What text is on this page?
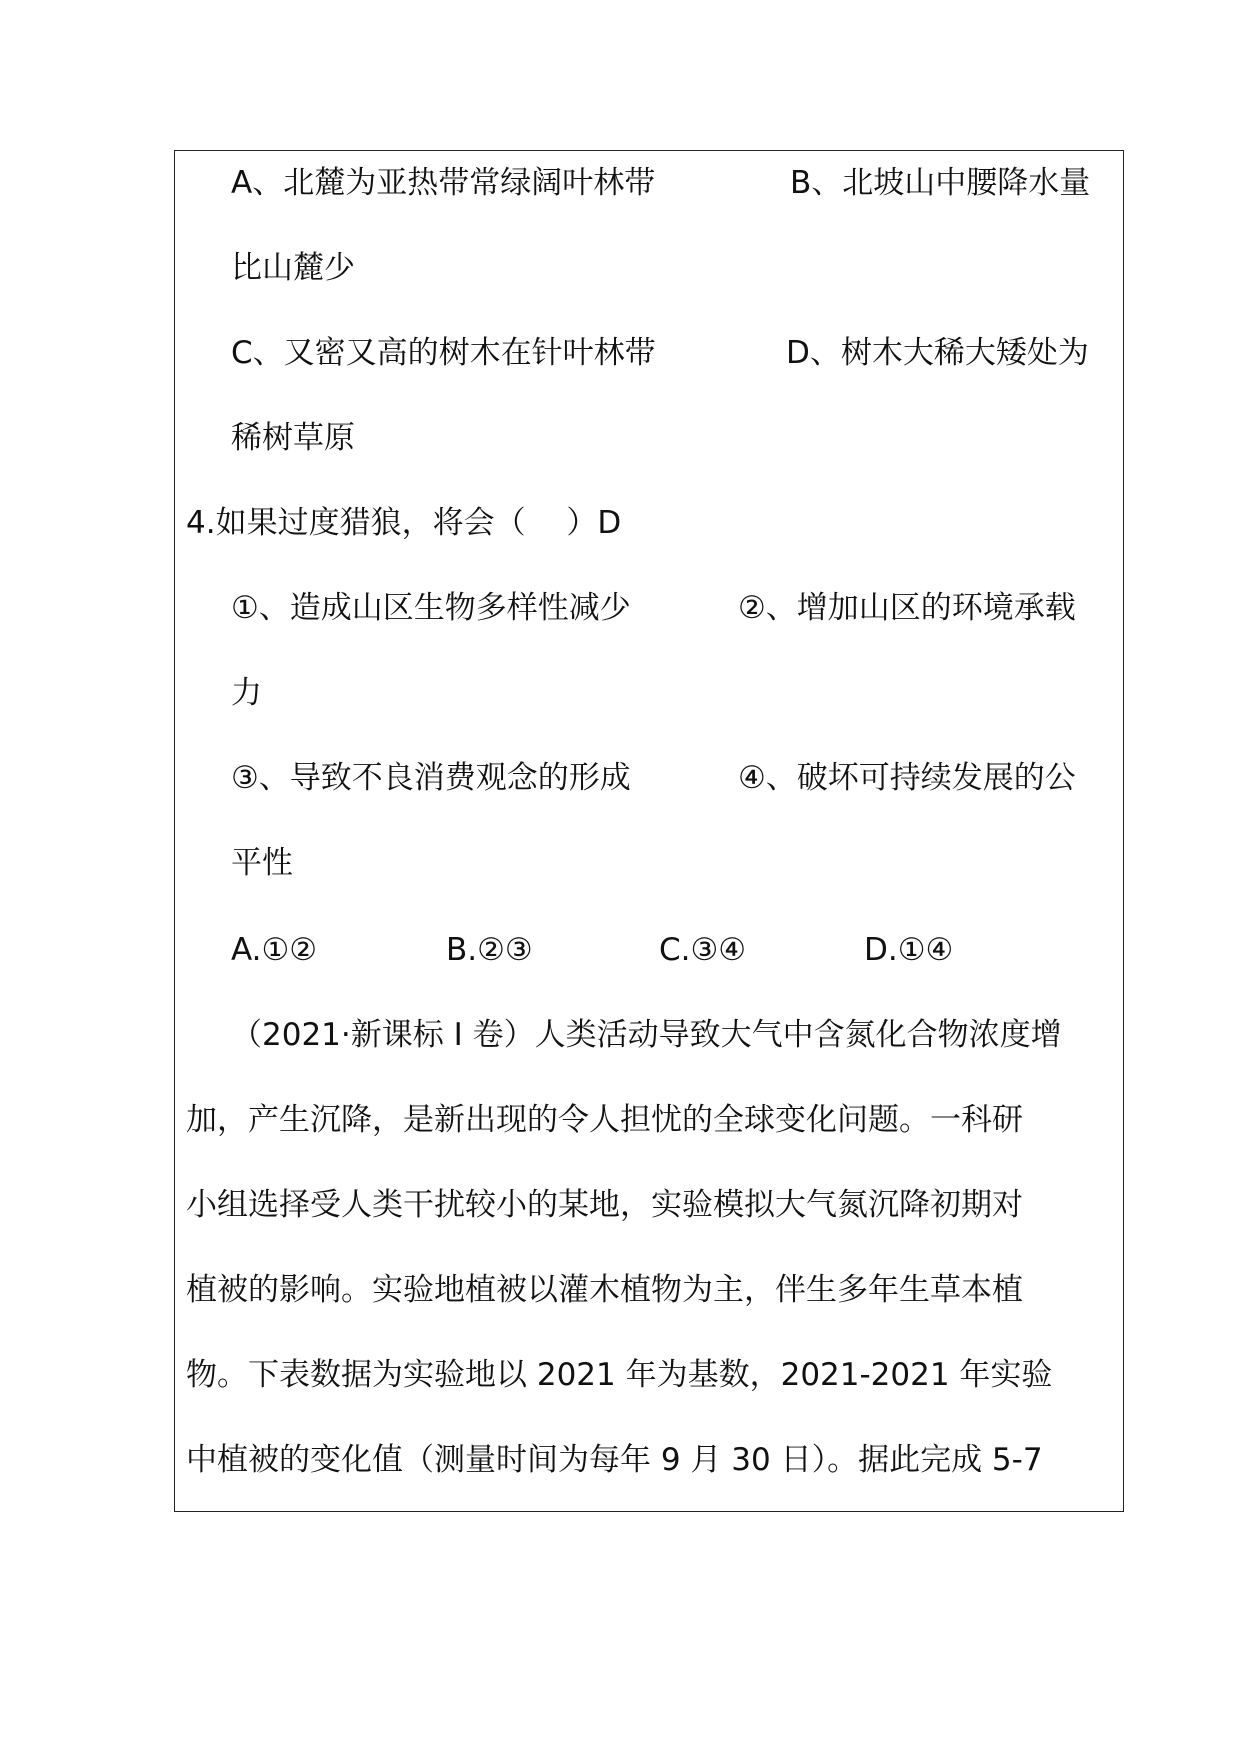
A、北麓为亚热带常绿阔叶林带	B、北坡山中腰降水量
比山麓少
C、又密又高的树木在针叶林带	D、树木大稀大矮处为
稀树草原
4.如果过度猎狼，将会（　 ）D
①、造成山区生物多样性减少	②、增加山区的环境承载
力
③、导致不良消费观念的形成	④、破坏可持续发展的公
平性
A.①②	B.②③	C.③④	D.①④
（2021·新课标 I 卷）人类活动导致大气中含氮化合物浓度增
加，产生沉降，是新出现的令人担忧的全球变化问题。一科研
小组选择受人类干扰较小的某地，实验模拟大气氮沉降初期对
植被的影响。实验地植被以灌木植物为主，伴生多年生草本植
物。下表数据为实验地以 2021 年为基数，2021-2021 年实验
中植被的变化值（测量时间为每年 9 月 30 日）。据此完成 5-7
